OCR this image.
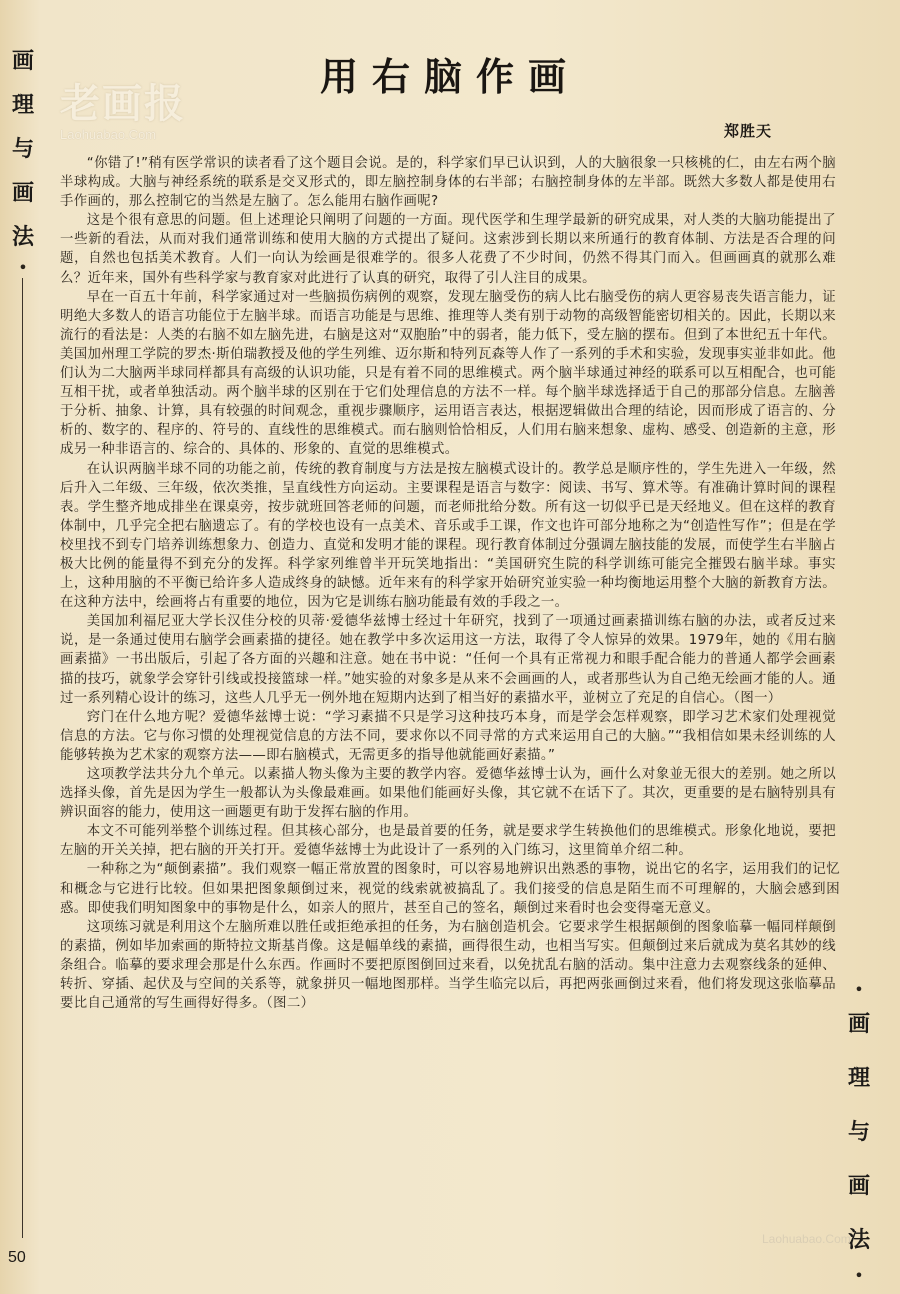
画
理
与
画
法
•
老画报
Laohuabao.Com
用右脑作画
郑胜天

“你错了!”稍有医学常识的读者看了这个题目会说。是的，科学家们早已认识到，人的大脑很象一只核桃的仁，由左右两个脑半球构成。大脑与神经系统的联系是交叉形式的，即左脑控制身体的右半部；右脑控制身体的左半部。既然大多数人都是使用右手作画的，那么控制它的当然是左脑了。怎么能用右脑作画呢?

这是个很有意思的问题。但上述理论只阐明了问题的一方面。现代医学和生理学最新的研究成果，对人类的大脑功能提出了一些新的看法，从而对我们通常训练和使用大脑的方式提出了疑问。这索涉到长期以来所通行的教育体制、方法是否合理的问题，自然也包括美术教育。人们一向认为绘画是很难学的。很多人花费了不少时间，仍然不得其门而入。但画画真的就那么难么？近年来，国外有些科学家与教育家对此进行了认真的研究，取得了引人注目的成果。

早在一百五十年前，科学家通过对一些脑损伤病例的观察，发现左脑受伤的病人比右脑受伤的病人更容易丧失语言能力，证明绝大多数人的语言功能位于左脑半球。而语言功能是与思维、推理等人类有别于动物的高级智能密切相关的。因此，长期以来流行的看法是：人类的右脑不如左脑先进，右脑是这对“双胞胎”中的弱者，能力低下，受左脑的摆布。但到了本世纪五十年代。美国加州理工学院的罗杰·斯伯瑞教授及他的学生列维、迈尔斯和特列瓦森等人作了一系列的手术和实验，发现事实並非如此。他们认为二大脑两半球同样都具有高级的认识功能，只是有着不同的思维模式。两个脑半球通过神经的联系可以互相配合，也可能互相干扰，或者单独活动。两个脑半球的区别在于它们处理信息的方法不一样。每个脑半球选择适于自己的那部分信息。左脑善于分析、抽象、计算，具有较强的时间观念，重视步骤顺序，运用语言表达，根据逻辑做出合理的结论，因而形成了语言的、分析的、数字的、程序的、符号的、直线性的思维模式。而右脑则恰恰相反，人们用右脑来想象、虚构、感受、创造新的主意，形成另一种非语言的、综合的、具体的、形象的、直觉的思维模式。

在认识两脑半球不同的功能之前，传统的教育制度与方法是按左脑模式设计的。教学总是顺序性的，学生先进入一年级，然后升入二年级、三年级，依次类推，呈直线性方向运动。主要课程是语言与数字：阅读、书写、算术等。有准确计算时间的课程表。学生整齐地成排坐在课桌旁，按步就班回答老师的问题，而老师批给分数。所有这一切似乎已是天经地义。但在这样的教育体制中，几乎完全把右脑遗忘了。有的学校也设有一点美术、音乐或手工课，作文也许可部分地称之为“创造性写作”；但是在学校里找不到专门培养训练想象力、创造力、直觉和发明才能的课程。现行教育体制过分强调左脑技能的发展，而使学生右半脑占极大比例的能量得不到充分的发挥。科学家列维曾半开玩笑地指出：“美国研究生院的科学训练可能完全摧毁右脑半球。事实上，这种用脑的不平衡已给许多人造成终身的缺憾。近年来有的科学家开始研究並实验一种均衡地运用整个大脑的新教育方法。在这种方法中，绘画将占有重要的地位，因为它是训练右脑功能最有效的手段之一。

美国加利福尼亚大学长汉佳分校的贝蒂·爱德华兹博士经过十年研究，找到了一项通过画素描训练右脑的办法，或者反过来说，是一条通过使用右脑学会画素描的捷径。她在教学中多次运用这一方法，取得了令人惊异的效果。1979年，她的《用右脑画素描》一书出版后，引起了各方面的兴趣和注意。她在书中说：“任何一个具有正常视力和眼手配合能力的普通人都学会画素描的技巧，就象学会穿针引线或投接篮球一样。”她实验的对象多是从来不会画画的人，或者那些认为自己绝无绘画才能的人。通过一系列精心设计的练习，这些人几乎无一例外地在短期内达到了相当好的素描水平，並树立了充足的自信心。（图一）

窍门在什么地方呢？爱德华兹博士说：“学习素描不只是学习这种技巧本身，而是学会怎样观察，即学习艺术家们处理视觉信息的方法。它与你习惯的处理视觉信息的方法不同，要求你以不同寻常的方式来运用自己的大脑。”“我相信如果未经训练的人能够转换为艺术家的观察方法——即右脑模式，无需更多的指导他就能画好素描。”

这项教学法共分九个单元。以素描人物头像为主要的教学内容。爱德华兹博士认为，画什么对象並无很大的差别。她之所以选择头像，首先是因为学生一般都认为头像最难画。如果他们能画好头像，其它就不在话下了。其次，更重要的是右脑特别具有辨识面容的能力，使用这一画题更有助于发挥右脑的作用。

本文不可能列举整个训练过程。但其核心部分，也是最首要的任务，就是要求学生转换他们的思维模式。形象化地说，要把左脑的开关关掉，把右脑的开关打开。爱德华兹博士为此设计了一系列的入门练习，这里简单介绍二种。

一种称之为“颠倒素描”。我们观察一幅正常放置的图象时，可以容易地辨识出熟悉的事物，说出它的名字，运用我们的记忆和概念与它进行比较。但如果把图象颠倒过来，视觉的线索就被搞乱了。我们接受的信息是陌生而不可理解的，大脑会感到困惑。即使我们明知图象中的事物是什么，如亲人的照片，甚至自己的签名，颠倒过来看时也会变得毫无意义。

这项练习就是利用这个左脑所难以胜任或拒绝承担的任务，为右脑创造机会。它要求学生根据颠倒的图象临摹一幅同样颠倒的素描，例如毕加索画的斯特拉文斯基肖像。这是幅单线的素描，画得很生动，也相当写实。但颠倒过来后就成为莫名其妙的线条组合。临摹的要求理会那是什么东西。作画时不要把原图倒回过来看，以免扰乱右脑的活动。集中注意力去观察线条的延伸、转折、穿插、起伏及与空间的关系等，就象拼贝一幅地图那样。当学生临完以后，再把两张画倒过来看，他们将发现这张临摹品要比自己通常的写生画得好得多。（图二）

•
画
理
与
画
法
•
Laohuabao.Com
50
